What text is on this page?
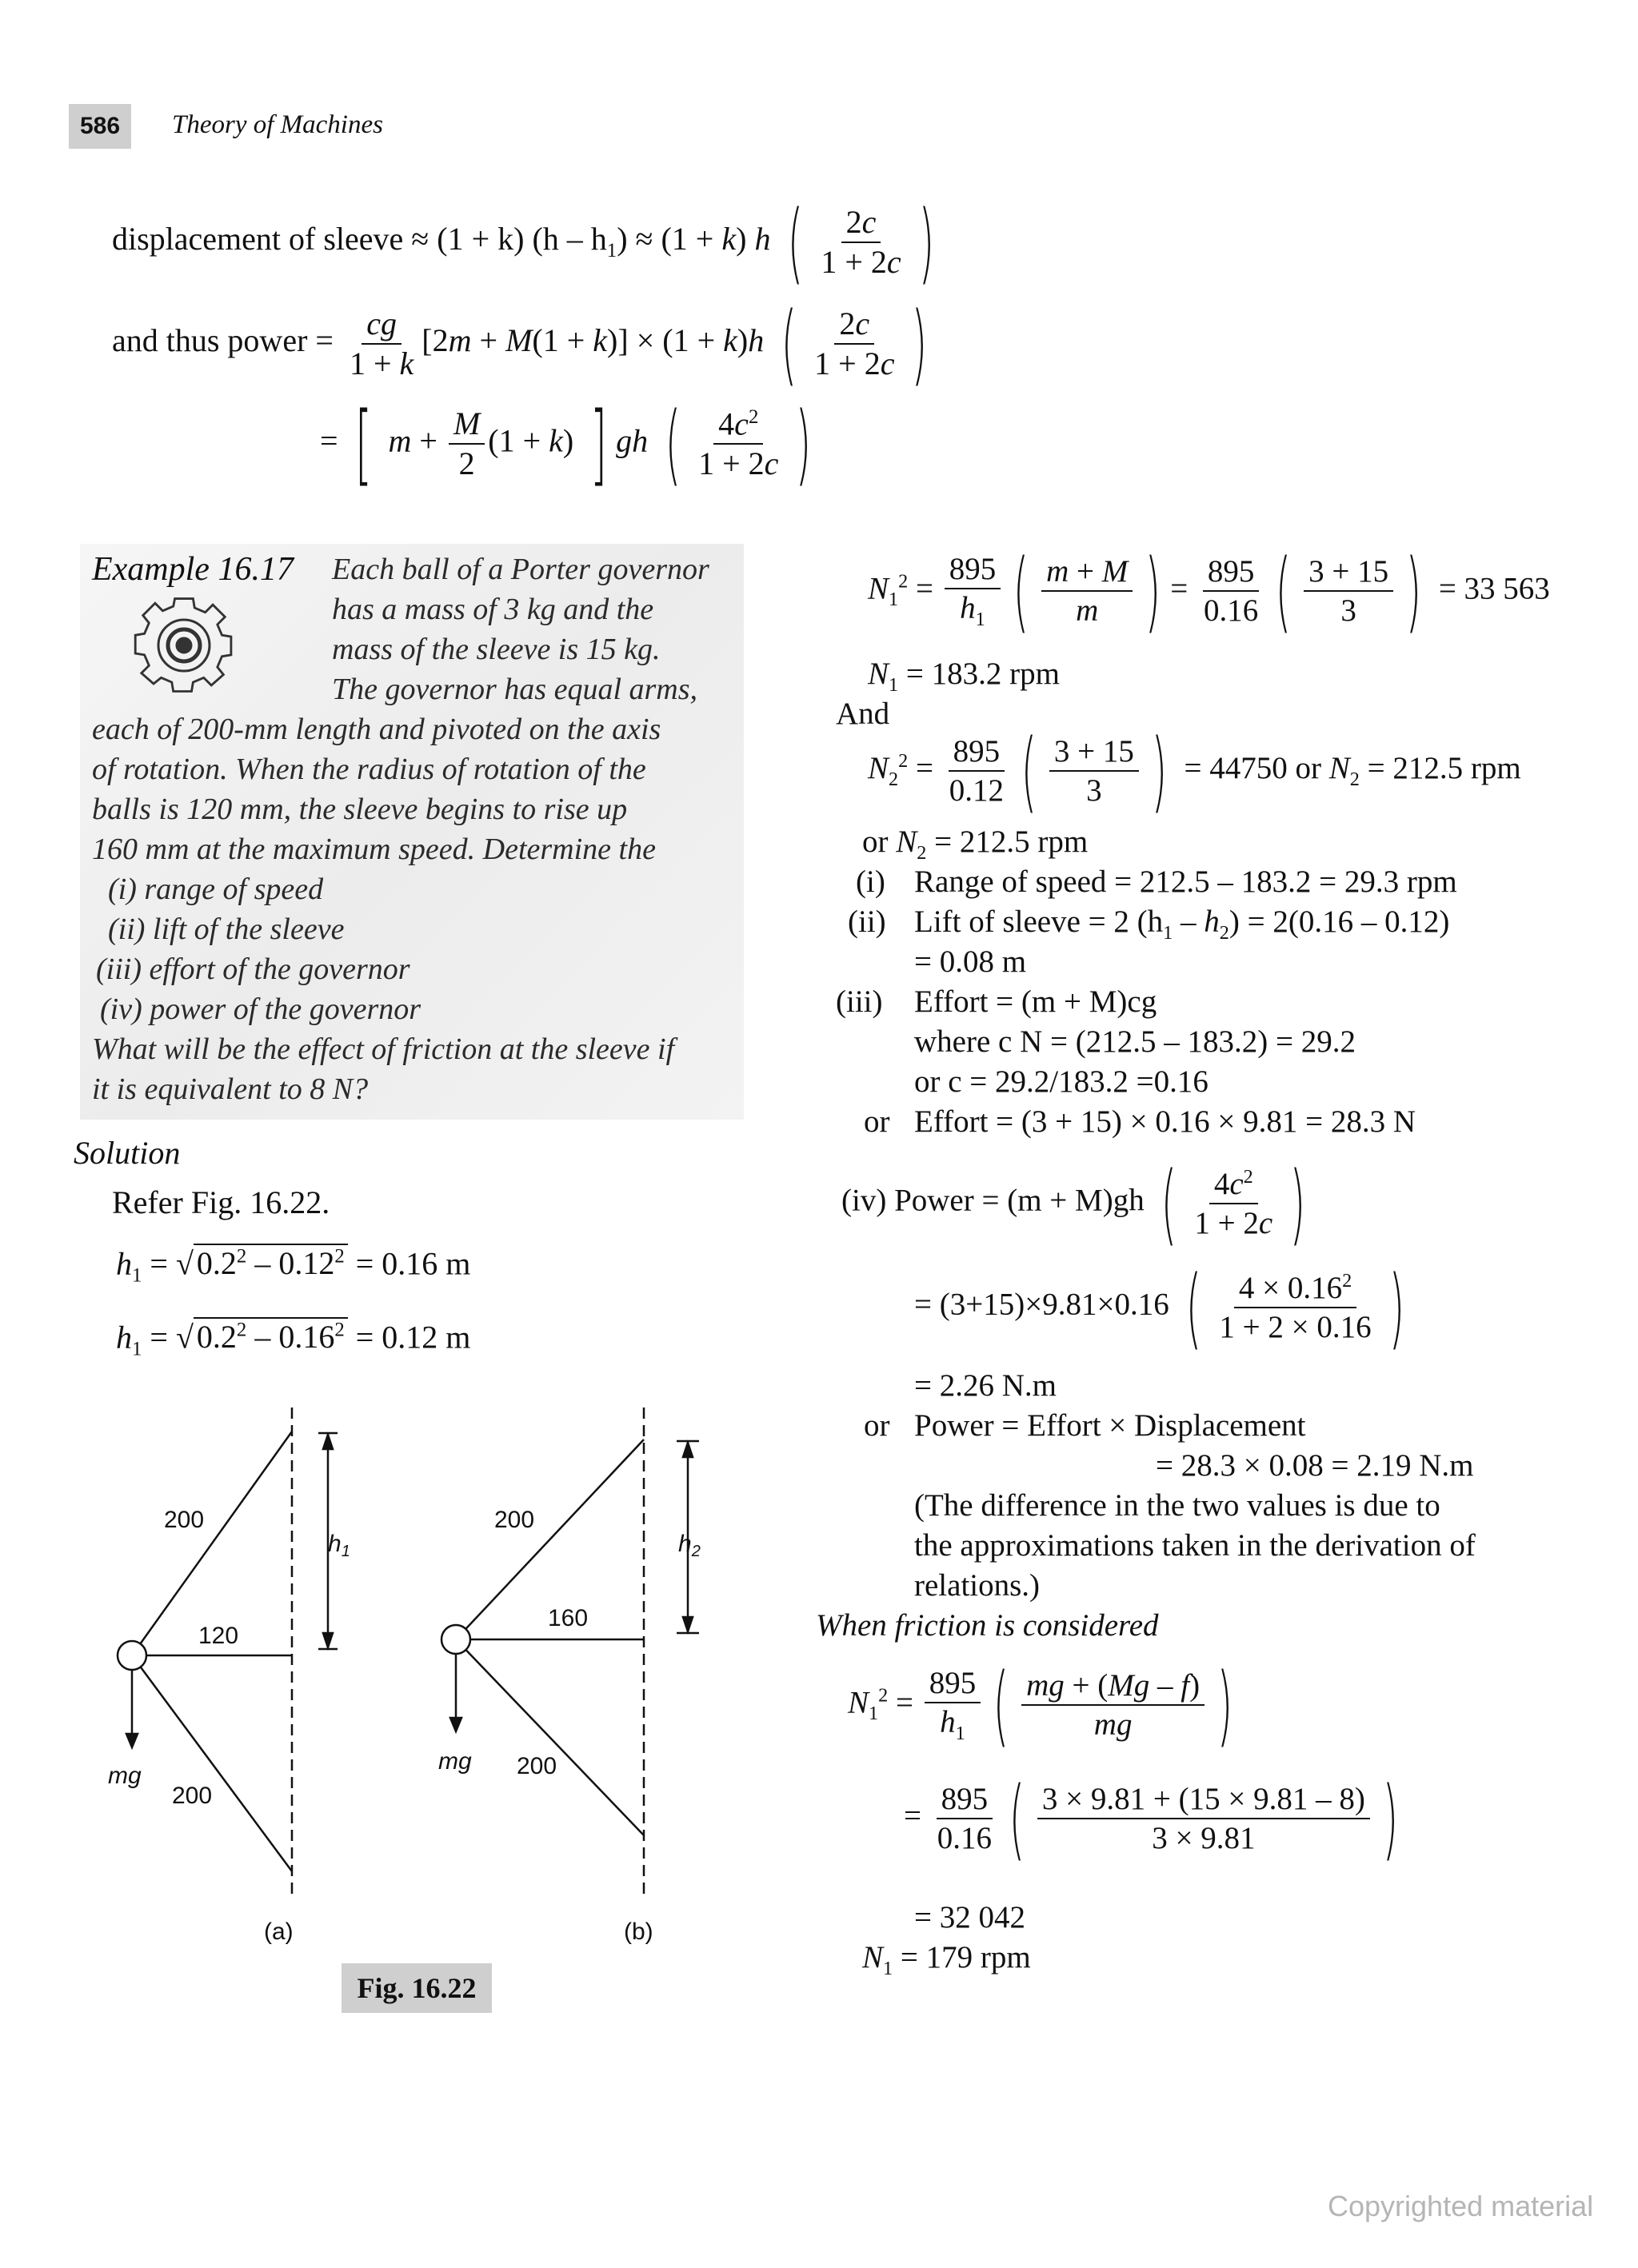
586	Theory of Machines
displacement of sleeve ≈ (1 + k) $(h - h_1) \approx (1 + k)$ h ( $\frac{2c}{1 + 2c}$ )
and thus power = $\frac{cg}{1 + k} [2m + M(1 + k)] \times (1 + k)h$ ( $\frac{2c}{1 + 2c}$ )
= [ $m + \frac{M}{2} (1 + k)$ ] gh ( $\frac{4c^2}{1 + 2c}$ )
Example 16.17 Each ball of a Porter governor
has a mass of 3 kg and the
mass of the sleeve is 15 kg.
The governor has equal arms,
each of 200-mm length and pivoted on the axis
of rotation. When the radius of rotation of the
balls is 120 mm, the sleeve begins to rise up
160 mm at the maximum speed. Determine the
(i) range of speed
(ii) lift of the sleeve
(iii) effort of the governor
(iv) power of the governor
What will be the effect of friction at the sleeve if
it is equivalent to 8 N?
Solution
Refer Fig. 16.22.
$h_1$ = √ $0.2^2 - 0.12^2 = 0.16$ m
$h_1$ = √ $0.2^2 - 0.16^2 = 0.12$ m
200
120
200
mg
$h_1$
(a)
200
160
200
mg
$h_2$
(b)
Fig. 16.22
$N_1^2 = \frac{895}{h_1}$ ( $\frac{m + M}{m}$ ) = $\frac{895}{0.16}$ ( $\frac{3 + 15}{3}$ ) = 33 563
$N_1 = 183.2$ rpm
And
$N_2^2 = \frac{895}{0.12}$ ( $\frac{3 + 15}{3}$ ) = 44750 or $N_2 = 212.5$ rpm
or $N_2 = 212.5$ rpm
(i) Range of speed = 212.5 – 183.2 = 29.3 rpm
(ii) Lift of sleeve = 2 $(h_1 - h_2) = 2(0.16 - 0.12)$
= 0.08 m
(iii) Effort = (m + M)cg
where c N = (212.5 – 183.2) = 29.2
or c = 29.2/183.2 =0.16
or Effort = (3 + 15) × 0.16 × 9.81 = 28.3 N
(iv) Power = (m + M)gh ( $\frac{4c^2}{1 + 2c}$ )
= (3+15)×9.81×0.16 ( $\frac{4 \times 0.16^2}{1 + 2 \times 0.16}$ )
= 2.26 N.m
or Power = Effort × Displacement
= 28.3 × 0.08 = 2.19 N.m
(The difference in the two values is due to
the approximations taken in the derivation of
relations.)
When friction is considered
$N_1^2 = \frac{895}{h_1}$ ( $\frac{mg + (Mg - f)}{mg}$ )
= $\frac{895}{0.16}$ ( $\frac{3 \times 9.81 + (15 \times 9.81 - 8)}{3 \times 9.81}$ )
= 32 042
$N_1 = 179$ rpm
Copyrighted material
